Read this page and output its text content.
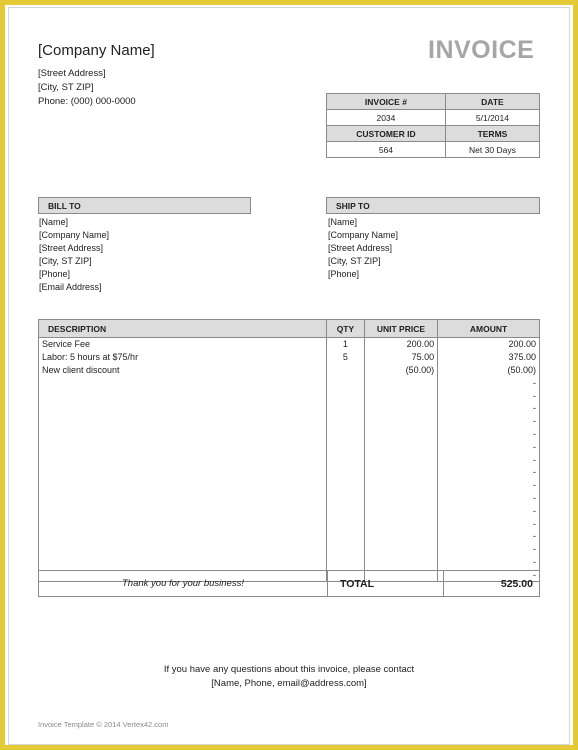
[Company Name]
[Street Address]
[City, ST ZIP]
Phone: (000) 000-0000
INVOICE
INVOICE #	DATE
2034	5/1/2014
CUSTOMER ID	TERMS
564	Net 30 Days
BILL TO
[Name]
[Company Name]
[Street Address]
[City, ST ZIP]
[Phone]
[Email Address]
SHIP TO
[Name]
[Company Name]
[Street Address]
[City, ST ZIP]
[Phone]
DESCRIPTION	QTY	UNIT PRICE	AMOUNT
Service Fee	1	200.00	200.00
Labor: 5 hours at $75/hr	5	75.00	375.00
New client discount		(50.00)	(50.00)
			-
			-
			-
			-
			-
			-
			-
			-
			-
			-
			-
			-
			-
			-
			-
			-
Thank you for your business!	TOTAL	525.00
If you have any questions about this invoice, please contact
[Name, Phone, email@address.com]
Invoice Template © 2014 Vertex42.com
